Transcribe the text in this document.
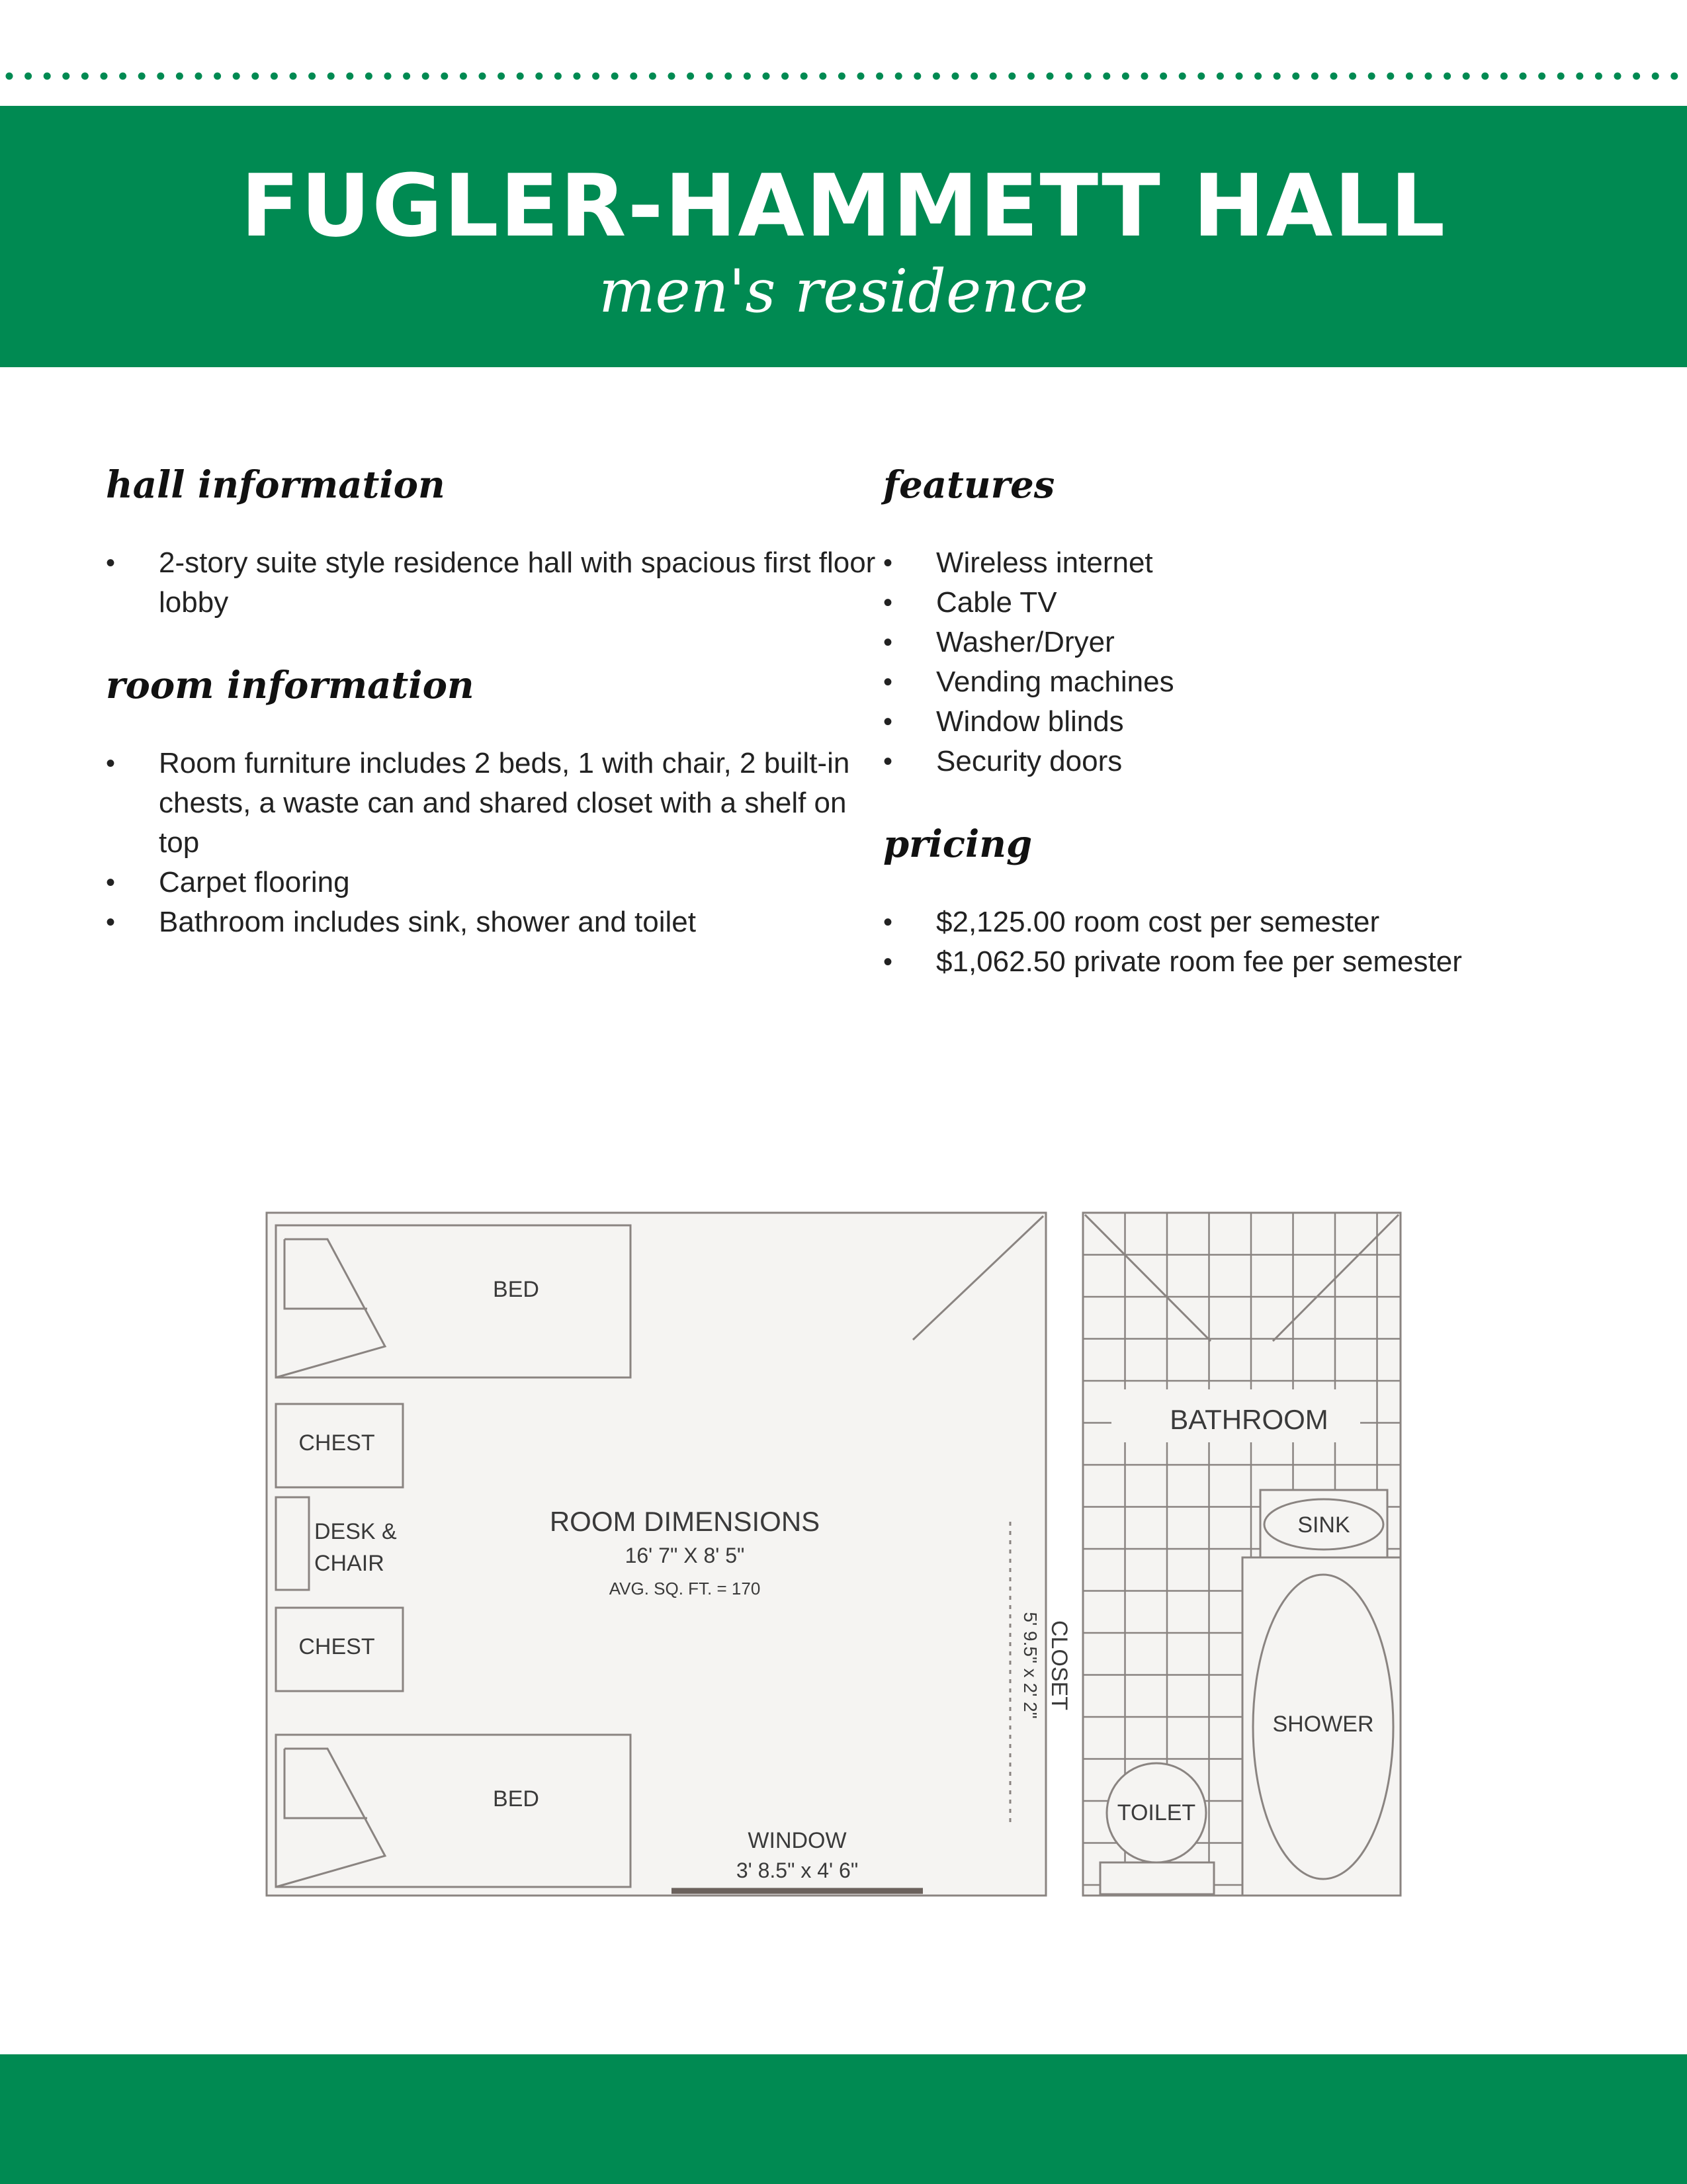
FUGLER-HAMMETT HALL
men's residence
hall information
• 2-story suite style residence hall with spacious first floor lobby
room information
• Room furniture includes 2 beds, 1 with chair, 2 built-in chests, a waste can and shared closet with a shelf on top
• Carpet flooring
• Bathroom includes sink, shower and toilet
features
• Wireless internet
• Cable TV
• Washer/Dryer
• Vending machines
• Window blinds
• Security doors
pricing
• $2,125.00 room cost per semester
• $1,062.50 private room fee per semester
BED
CHEST
DESK &
CHAIR
CHEST
BED
ROOM DIMENSIONS
16' 7" X 8' 5"
AVG. SQ. FT. = 170
CLOSET
5' 9.5" x 2' 2"
WINDOW
3' 8.5" x 4' 6"
BATHROOM
SINK
SHOWER
TOILET
